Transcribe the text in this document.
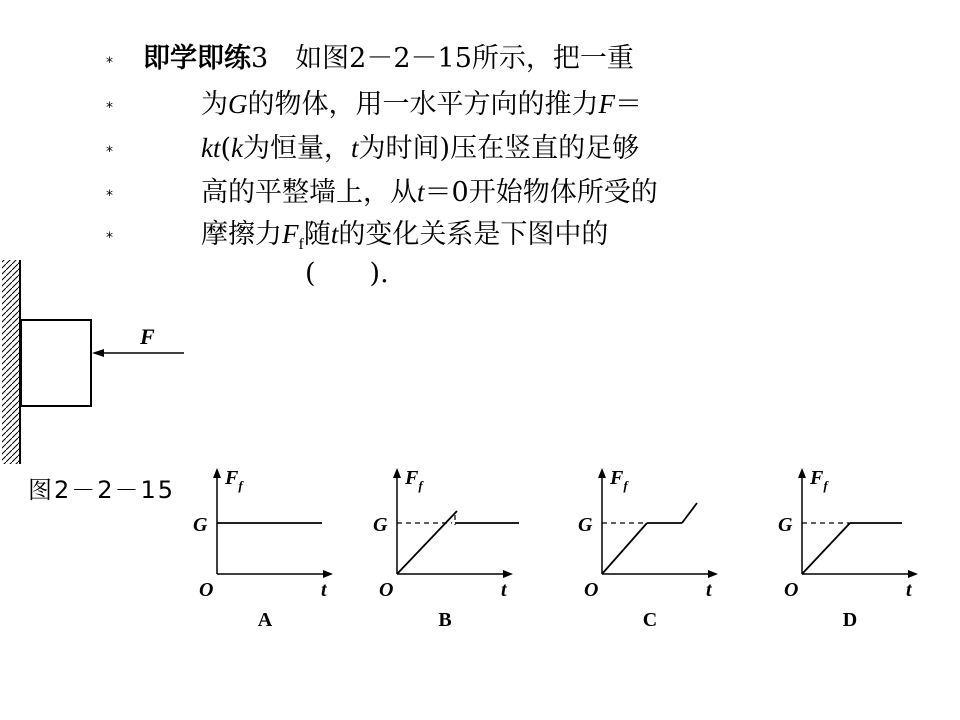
* 即学即练3　如图2－2－15所示，把一重
*	为G的物体，用一水平方向的推力F＝
*	kt(k为恒量，t为时间)压在竖直的足够
*	高的平整墙上，从t＝0开始物体所受的
*	摩擦力$F_f$随t的变化关系是下图中的
(　　).
F
图2－2－15 $F_f$
G
O	t
A
$F_f$
G
O	t
B
$F_f$
G
O	t
C
$F_f$
G
O	t
D
